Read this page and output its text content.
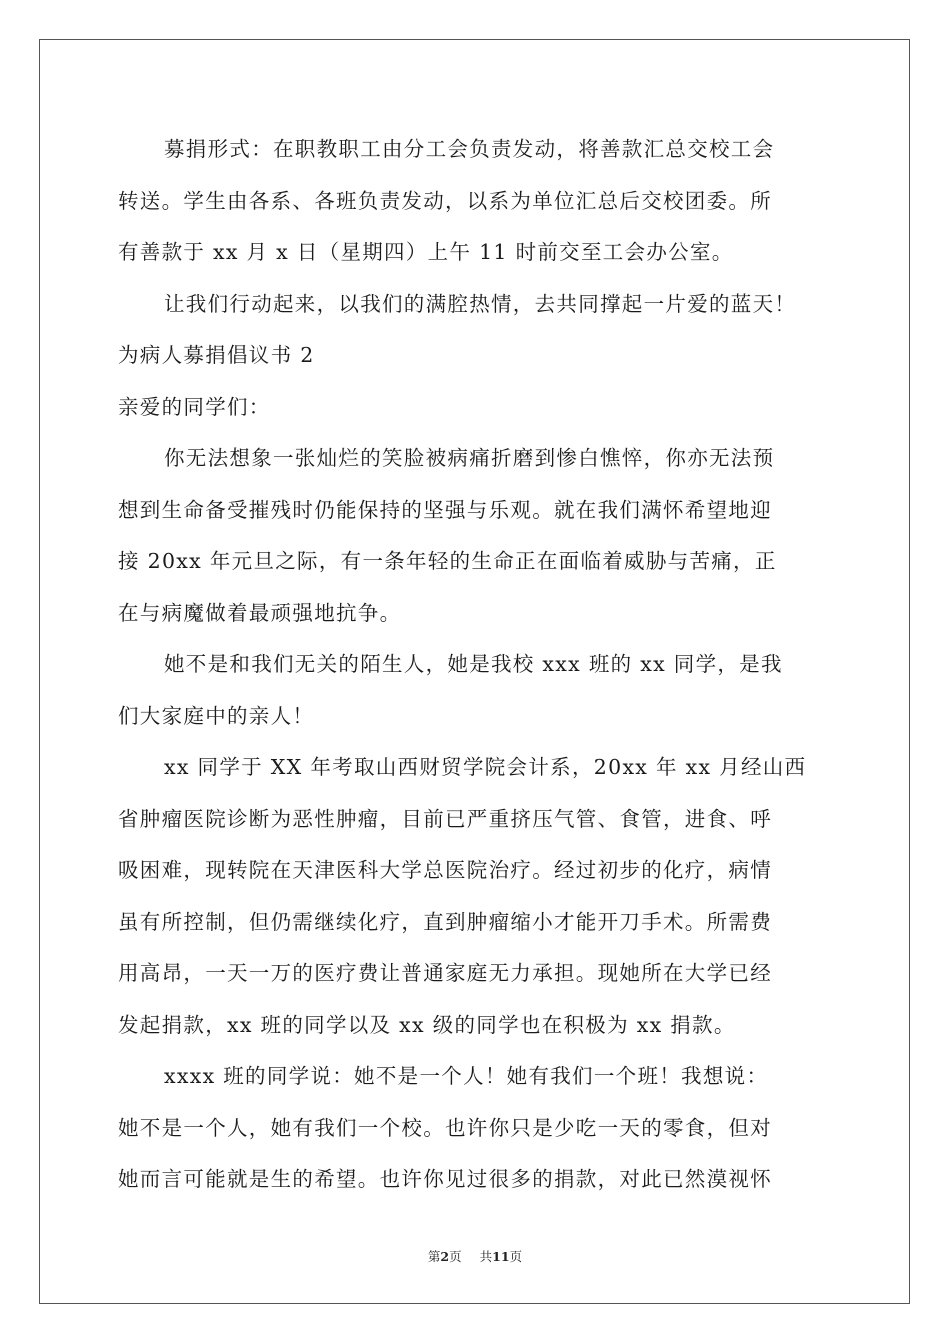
募捐形式：在职教职工由分工会负责发动，将善款汇总交校工会
转送。学生由各系、各班负责发动，以系为单位汇总后交校团委。所
有善款于 xx 月 x 日（星期四）上午 11 时前交至工会办公室。
让我们行动起来，以我们的满腔热情，去共同撑起一片爱的蓝天！
为病人募捐倡议书 2
亲爱的同学们：
你无法想象一张灿烂的笑脸被病痛折磨到惨白憔悴，你亦无法预
想到生命备受摧残时仍能保持的坚强与乐观。就在我们满怀希望地迎
接 20xx 年元旦之际，有一条年轻的生命正在面临着威胁与苦痛，正
在与病魔做着最顽强地抗争。
她不是和我们无关的陌生人，她是我校 xxx 班的 xx 同学，是我
们大家庭中的亲人！
xx 同学于 XX 年考取山西财贸学院会计系，20xx 年 xx 月经山西
省肿瘤医院诊断为恶性肿瘤，目前已严重挤压气管、食管，进食、呼
吸困难，现转院在天津医科大学总医院治疗。经过初步的化疗，病情
虽有所控制，但仍需继续化疗，直到肿瘤缩小才能开刀手术。所需费
用高昂，一天一万的医疗费让普通家庭无力承担。现她所在大学已经
发起捐款，xx 班的同学以及 xx 级的同学也在积极为 xx 捐款。
xxxx 班的同学说：她不是一个人！她有我们一个班！我想说：
她不是一个人，她有我们一个校。也许你只是少吃一天的零食，但对
她而言可能就是生的希望。也许你见过很多的捐款，对此已然漠视怀
第2页 共11页
